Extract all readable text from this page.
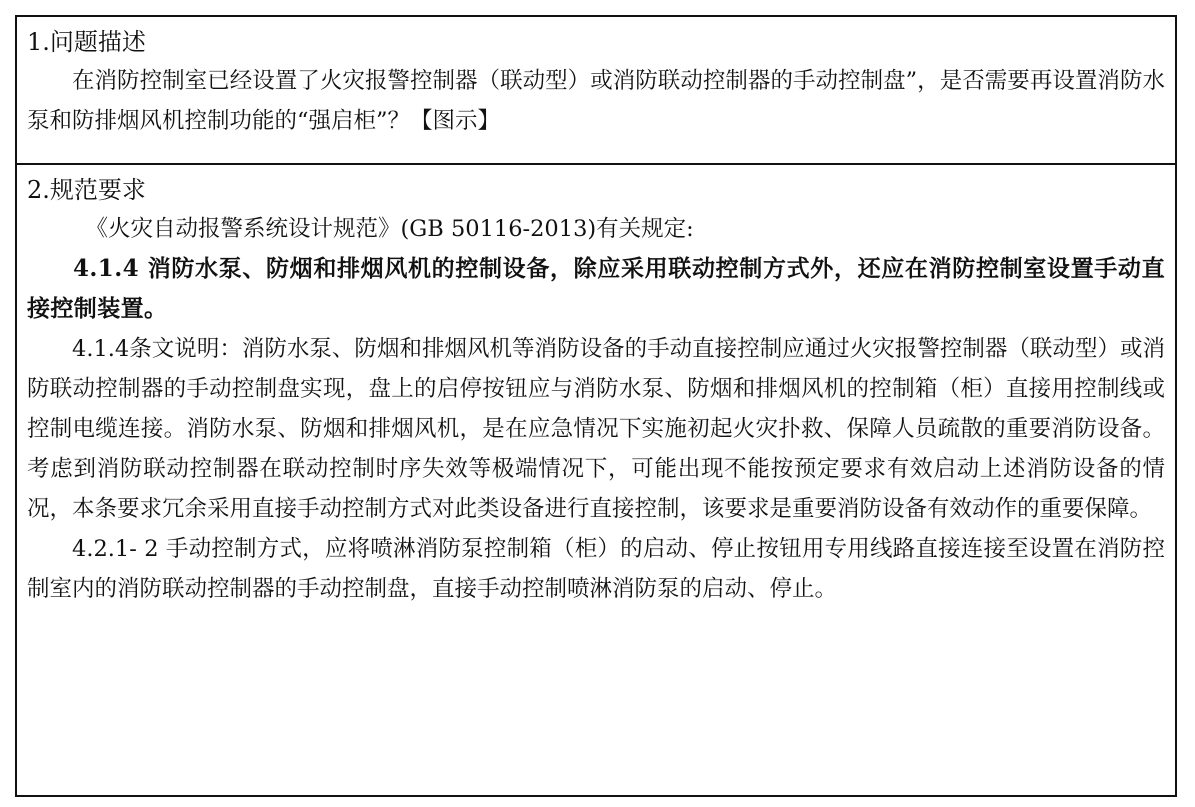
1.问题描述

在消防控制室已经设置了火灾报警控制器（联动型）或消防联动控制器的手动控制盘”，是否需要再设置消防水泵和防排烟风机控制功能的“强启柜”？【图示】

2.规范要求

《火灾自动报警系统设计规范》(GB 50116-2013)有关规定:

4.1.4 消防水泵、防烟和排烟风机的控制设备，除应采用联动控制方式外，还应在消防控制室设置手动直接控制装置。

4.1.4条文说明：消防水泵、防烟和排烟风机等消防设备的手动直接控制应通过火灾报警控制器（联动型）或消防联动控制器的手动控制盘实现，盘上的启停按钮应与消防水泵、防烟和排烟风机的控制箱（柜）直接用控制线或控制电缆连接。消防水泵、防烟和排烟风机，是在应急情况下实施初起火灾扑救、保障人员疏散的重要消防设备。考虑到消防联动控制器在联动控制时序失效等极端情况下，可能出现不能按预定要求有效启动上述消防设备的情况，本条要求冗余采用直接手动控制方式对此类设备进行直接控制，该要求是重要消防设备有效动作的重要保障。

4.2.1- 2 手动控制方式，应将喷淋消防泵控制箱（柜）的启动、停止按钮用专用线路直接连接至设置在消防控制室内的消防联动控制器的手动控制盘，直接手动控制喷淋消防泵的启动、停止。
